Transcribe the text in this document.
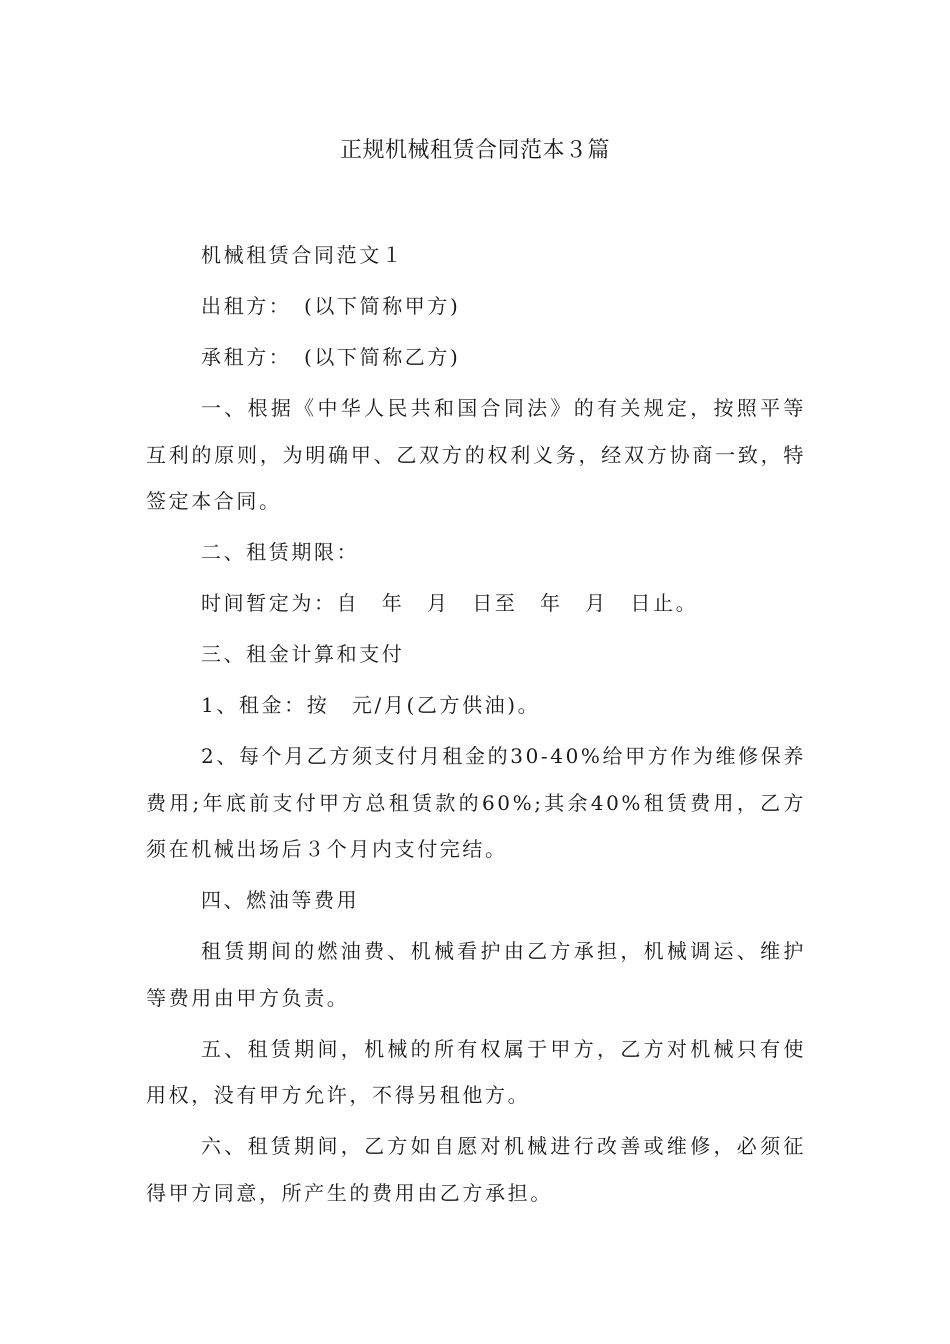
正规机械租赁合同范本３篇

机械租赁合同范文１

出租方：　(以下简称甲方)

承租方：　(以下简称乙方)

一、根据《中华人民共和国合同法》的有关规定，按照平等互利的原则，为明确甲、乙双方的权利义务，经双方协商一致，特签定本合同。

二、租赁期限：

时间暂定为：自　年　月　日至　年　月　日止。

三、租金计算和支付

1、租金：按　元/月(乙方供油)。

2、每个月乙方须支付月租金的30-40%给甲方作为维修保养费用;年底前支付甲方总租赁款的60%;其余40%租赁费用，乙方须在机械出场后３个月内支付完结。

四、燃油等费用

租赁期间的燃油费、机械看护由乙方承担，机械调运、维护等费用由甲方负责。

五、租赁期间，机械的所有权属于甲方，乙方对机械只有使用权，没有甲方允许，不得另租他方。

六、租赁期间，乙方如自愿对机械进行改善或维修，必须征得甲方同意，所产生的费用由乙方承担。
